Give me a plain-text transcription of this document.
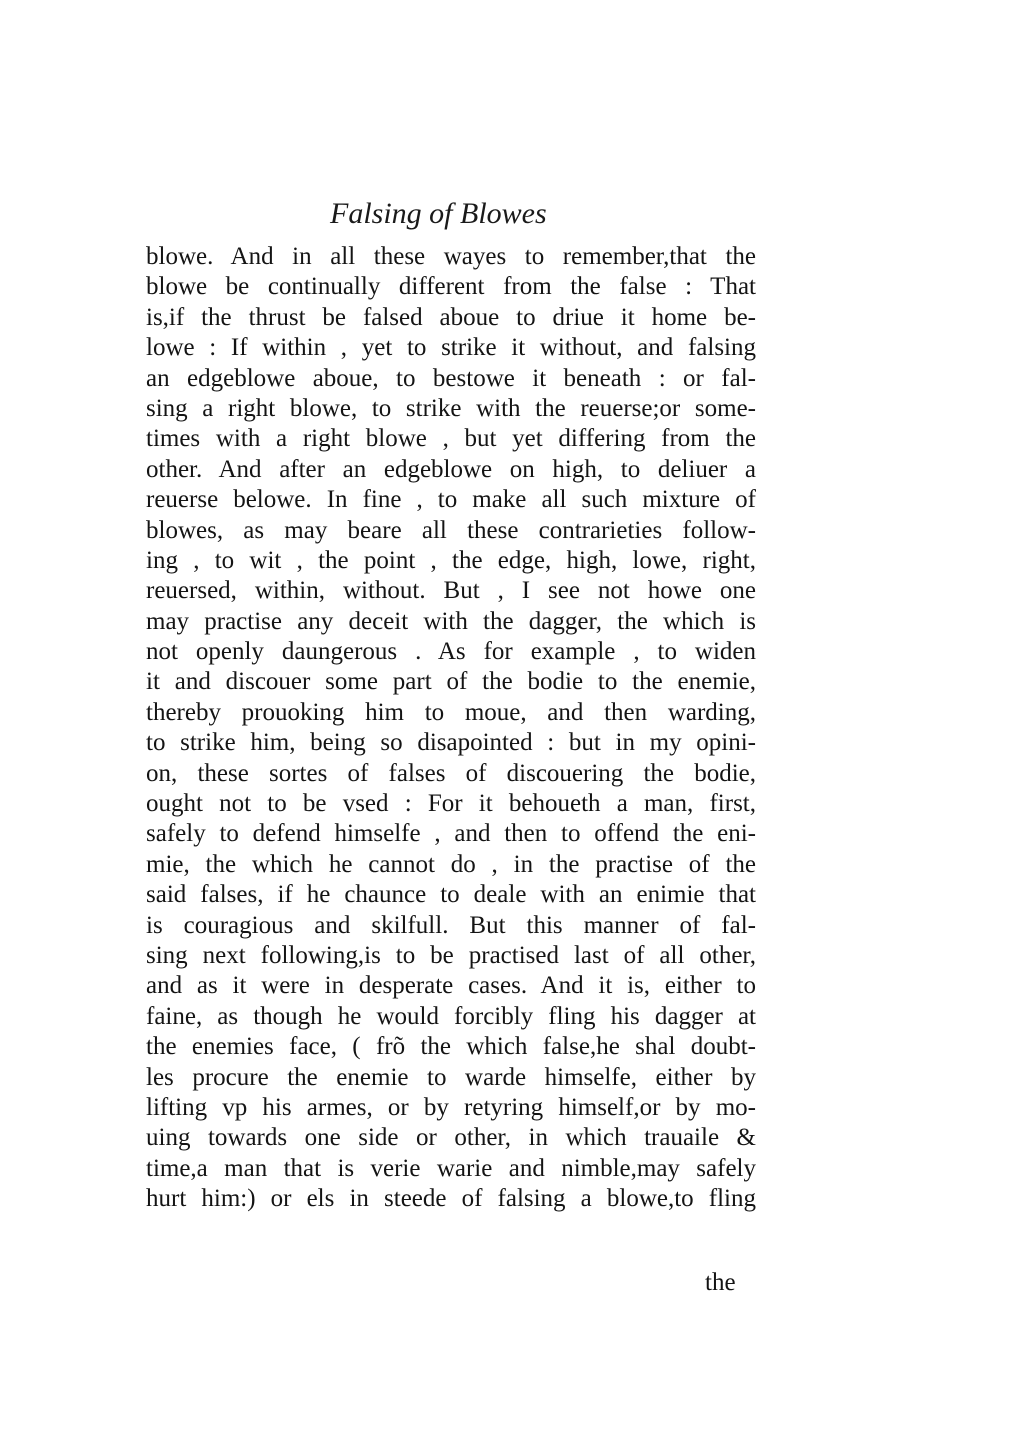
Falsing of Blowes
blowe. And in all these wayes to remember,that the
blowe be continually different from the false : That
is,if the thrust be falsed aboue to driue it home be-
lowe : If within , yet to strike it without, and falsing
an edgeblowe aboue, to bestowe it beneath : or fal-
sing a right blowe, to strike with the reuerse;or some-
times with a right blowe , but yet differing from the
other. And after an edgeblowe on high, to deliuer a
reuerse belowe. In fine , to make all such mixture of
blowes, as may beare all these contrarieties follow-
ing , to wit , the point , the edge, high, lowe, right,
reuersed, within, without. But , I see not howe one
may practise any deceit with the dagger, the which is
not openly daungerous . As for example , to widen
it and discouer some part of the bodie to the enemie,
thereby prouoking him to moue, and then warding,
to strike him, being so disapointed : but in my opini-
on, these sortes of falses of discouering the bodie,
ought not to be vsed : For it behoueth a man, first,
safely to defend himselfe , and then to offend the eni-
mie, the which he cannot do , in the practise of the
said falses, if he chaunce to deale with an enimie that
is couragious and skilfull. But this manner of fal-
sing next following,is to be practised last of all other,
and as it were in desperate cases. And it is, either to
faine, as though he would forcibly fling his dagger at
the enemies face, ( frõ the which false,he shal doubt-
les procure the enemie to warde himselfe, either by
lifting vp his armes, or by retyring himself,or by mo-
uing towards one side or other, in which trauaile &
time,a man that is verie warie and nimble,may safely
hurt him:) or els in steede of falsing a blowe,to fling
the
